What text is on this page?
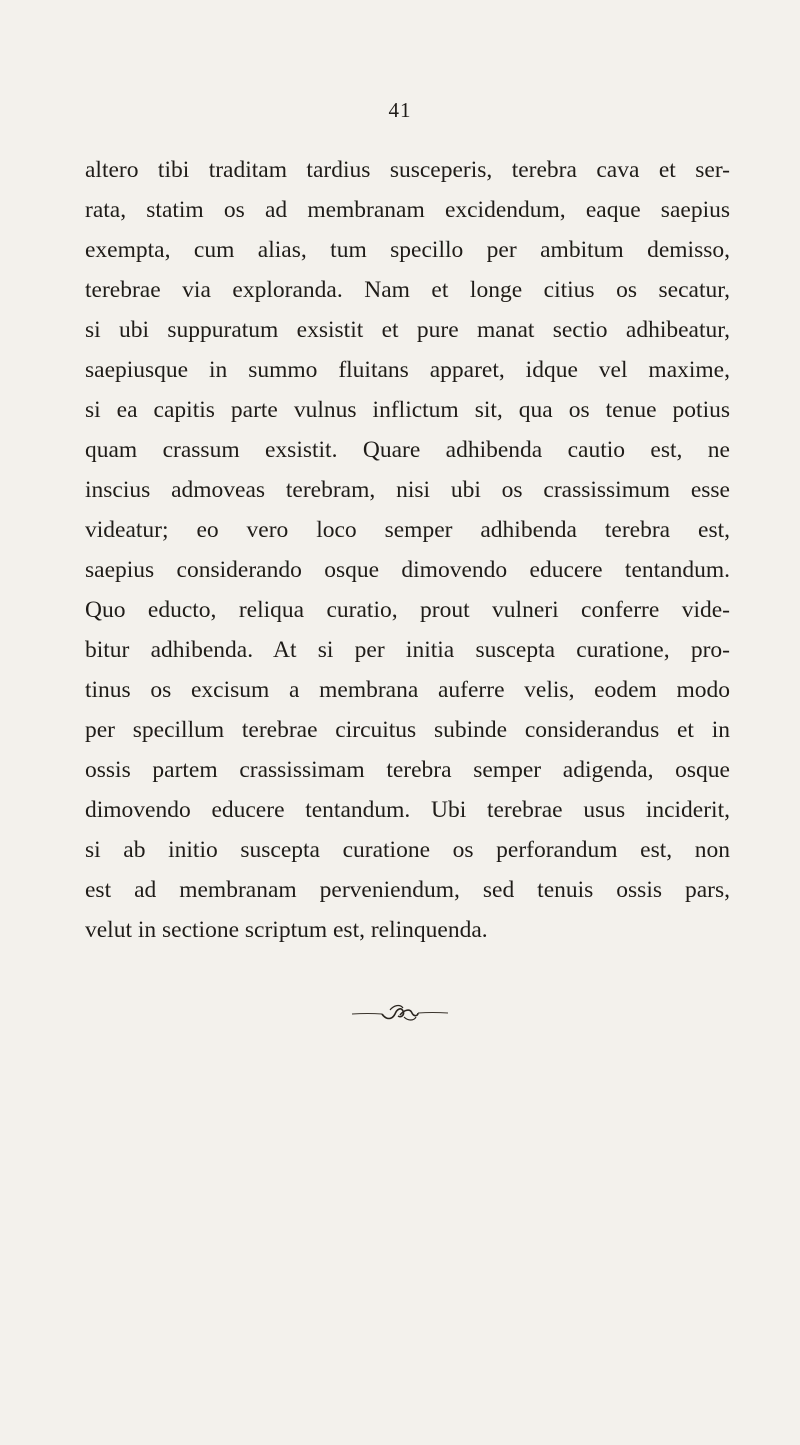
41
altero tibi traditam tardius susceperis, terebra cava et ser-
rata, statim os ad membranam excidendum, eaque saepius
exempta, cum alias, tum specillo per ambitum demisso,
terebrae via exploranda. Nam et longe citius os secatur,
si ubi suppuratum exsistit et pure manat sectio adhibeatur,
saepiusque in summo fluitans apparet, idque vel maxime,
si ea capitis parte vulnus inflictum sit, qua os tenue potius
quam crassum exsistit. Quare adhibenda cautio est, ne
inscius admoveas terebram, nisi ubi os crassissimum esse
videatur; eo vero loco semper adhibenda terebra est,
saepius considerando osque dimovendo educere tentandum.
Quo educto, reliqua curatio, prout vulneri conferre vide-
bitur adhibenda. At si per initia suscepta curatione, pro-
tinus os excisum a membrana auferre velis, eodem modo
per specillum terebrae circuitus subinde considerandus et in
ossis partem crassissimam terebra semper adigenda, osque
dimovendo educere tentandum. Ubi terebrae usus inciderit,
si ab initio suscepta curatione os perforandum est, non
est ad membranam perveniendum, sed tenuis ossis pars,
velut in sectione scriptum est, relinquenda.
